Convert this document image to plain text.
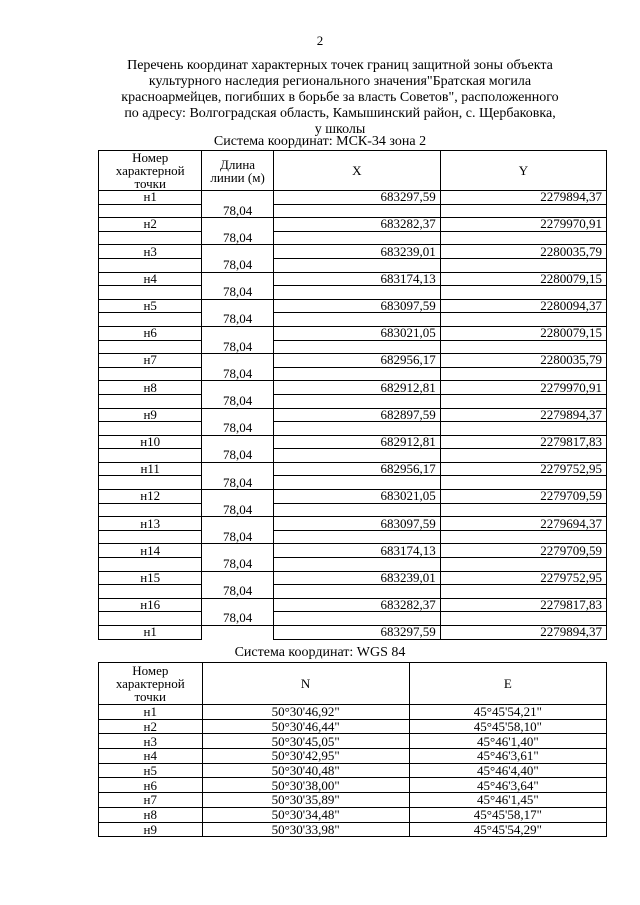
2
Перечень координат характерных точек границ защитной зоны объекта
культурного наследия регионального значения"Братская могила
красноармейцев, погибших в борьбе за власть Советов", расположенного
по адресу: Волгоградская область, Камышинский район, с. Щербаковка,
у школы
Система координат: МСК-34 зона 2
Номер характерной точки	Длина линии (м)	X	Y
н1		683297,59	2279894,37
	78,04		
н2		683282,37	2279970,91
	78,04		
н3		683239,01	2280035,79
	78,04		
н4		683174,13	2280079,15
	78,04		
н5		683097,59	2280094,37
	78,04		
н6		683021,05	2280079,15
	78,04		
н7		682956,17	2280035,79
	78,04		
н8		682912,81	2279970,91
	78,04		
н9		682897,59	2279894,37
	78,04		
н10		682912,81	2279817,83
	78,04		
н11		682956,17	2279752,95
	78,04		
н12		683021,05	2279709,59
	78,04		
н13		683097,59	2279694,37
	78,04		
н14		683174,13	2279709,59
	78,04		
н15		683239,01	2279752,95
	78,04		
н16		683282,37	2279817,83
	78,04		
н1		683297,59	2279894,37
Система координат: WGS 84
Номер характерной точки	N	E
н1	50°30'46,92"	45°45'54,21"
н2	50°30'46,44"	45°45'58,10"
н3	50°30'45,05"	45°46'1,40"
н4	50°30'42,95"	45°46'3,61"
н5	50°30'40,48"	45°46'4,40"
н6	50°30'38,00"	45°46'3,64"
н7	50°30'35,89"	45°46'1,45"
н8	50°30'34,48"	45°45'58,17"
н9	50°30'33,98"	45°45'54,29"
